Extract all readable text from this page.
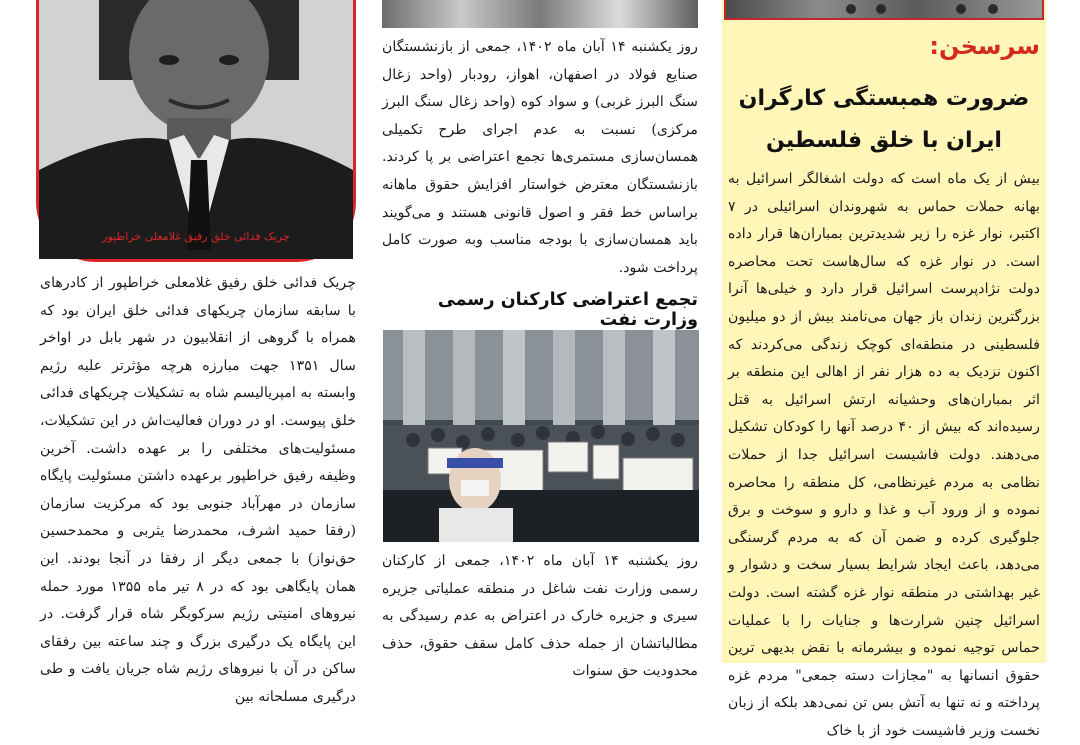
سرسخن:
ضرورت همبستگی کارگران ایران با خلق فلسطین

بیش از یک ماه است که دولت اشغالگر اسرائیل به بهانه حملات حماس به شهروندان اسرائیلی در ۷ اکتبر، نوار غزه را زیر شدیدترین بمباران‌ها قرار داده است. در نوار غزه که سال‌هاست تحت محاصره دولت نژادپرست اسرائیل قرار دارد و خیلی‌ها آنرا بزرگترین زندان باز جهان می‌نامند بیش از دو میلیون فلسطینی در منطقه‌ای کوچک زندگی می‌کردند که اکنون نزدیک به ده هزار نفر از اهالی این منطقه بر اثر بمباران‌های وحشیانه ارتش اسرائیل به قتل رسیده‌اند که بیش از ۴۰ درصد آنها را کودکان تشکیل می‌دهند. دولت فاشیست اسرائیل جدا از حملات نظامی به مردم غیرنظامی، کل منطقه را محاصره نموده و از ورود آب و غذا و دارو و سوخت و برق جلوگیری کرده و ضمن آن که به مردم گرسنگی می‌دهد، باعث ایجاد شرایط بسیار سخت و دشوار و غیر بهداشتی در منطقه نوار غزه گشته است. دولت اسرائیل چنین شرارت‌ها و جنایات را با عملیات حماس توجیه نموده و بیشرمانه با نقض بدیهی ترین حقوق انسانها به "مجازات دسته جمعی" مردم غزه پرداخته و نه تنها به آتش بس تن نمی‌دهد بلکه از زبان نخست وزیر فاشیست خود از با خاک

روز یکشنبه ۱۴ آبان ماه ۱۴۰۲، جمعی از بازنشستگان صنایع فولاد در اصفهان، اهواز، رودبار (واحد زغال سنگ البرز غربی) و سواد کوه (واحد زغال سنگ البرز مرکزی) نسبت به عدم اجرای طرح تکمیلی همسان‌سازی مستمری‌ها تجمع اعتراضی بر پا کردند. بازنشستگان معترض خواستار افزایش حقوق ماهانه براساس خط فقر و اصول قانونی هستند و می‌گویند باید همسان‌سازی با بودجه مناسب وبه صورت کامل پرداخت شود.

تجمع اعتراضی کارکنان رسمی وزارت نفت

روز یکشنبه ۱۴ آبان ماه ۱۴۰۲، جمعی از کارکنان رسمی وزارت نفت شاغل در منطقه عملیاتی جزیره سیری و جزیره خارک در اعتراض به عدم رسیدگی به مطالباتشان از جمله حذف کامل سقف حقوق، حذف محدودیت حق سنوات

چریک فدائی خلق رفیق غلامعلی خراطپور

چریک فدائی خلق رفیق غلامعلی خراطپور از کادرهای با سابقه سازمان چریکهای فدائی خلق ایران بود که همراه با گروهی از انقلابیون در شهر بابل در اواخر سال ۱۳۵۱ جهت مبارزه هرچه مؤثرتر علیه رژیم وابسته به امپریالیسم شاه به تشکیلات چریکهای فدائی خلق پیوست. او در دوران فعالیت‌اش در این تشکیلات، مسئولیت‌های مختلفی را بر عهده داشت. آخرین وظیفه رفیق خراطپور برعهده داشتن مسئولیت پایگاه سازمان در مهرآباد جنوبی بود که مرکزیت سازمان (رفقا حمید اشرف، محمدرضا یثربی و محمدحسین حق‌نواز) با جمعی دیگر از رفقا در آنجا بودند. این همان پایگاهی بود که در ۸ تیر ماه ۱۳۵۵ مورد حمله نیروهای امنیتی رژیم سرکوبگر شاه قرار گرفت. در این پایگاه یک درگیری بزرگ و چند ساعته بین رفقای ساکن در آن با نیروهای رژیم شاه جریان یافت و طی درگیری مسلحانه بین
